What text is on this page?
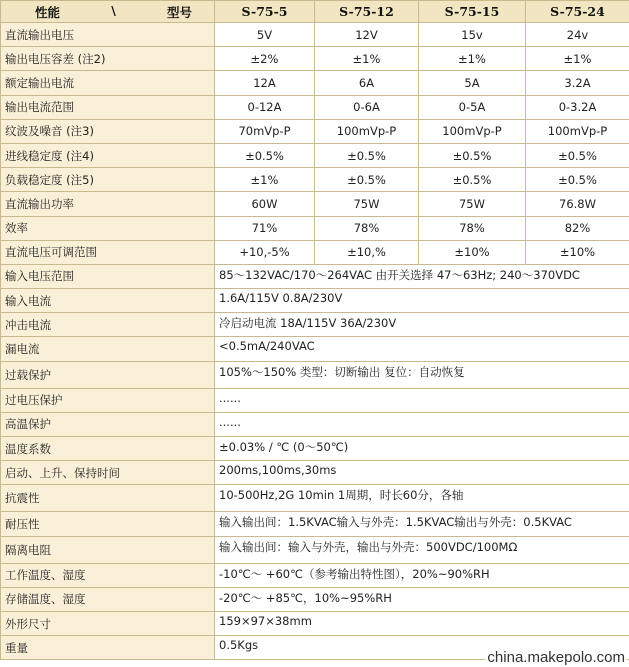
性能 \ 型号	S-75-5	S-75-12	S-75-15	S-75-24
直流输出电压	5V	12V	15v	24v
输出电压容差 (注2)	±2%	±1%	±1%	±1%
额定输出电流	12A	6A	5A	3.2A
输出电流范围	0-12A	0-6A	0-5A	0-3.2A
纹波及噪音 (注3)	70mVp-P	100mVp-P	100mVp-P	100mVp-P
进线稳定度 (注4)	±0.5%	±0.5%	±0.5%	±0.5%
负载稳定度 (注5)	±1%	±0.5%	±0.5%	±0.5%
直流输出功率	60W	75W	75W	76.8W
效率	71%	78%	78%	82%
直流电压可调范围	+10,-5%	±10,%	±10%	±10%
输入电压范围	85～132VAC/170～264VAC 由开关选择 47～63Hz; 240～370VDC			
输入电流	1.6A/115V 0.8A/230V			
冲击电流	冷启动电流 18A/115V 36A/230V			
漏电流	<0.5mA/240VAC			
过载保护	105%～150% 类型：切断输出 复位：自动恢复			
过电压保护	......			
高温保护	......			
温度系数	±0.03% / ℃ (0～50℃)			
启动、上升、保持时间	200ms,100ms,30ms			
抗震性	10-500Hz,2G 10min 1周期，时长60分，各轴			
耐压性	输入输出间：1.5KVAC输入与外壳：1.5KVAC输出与外壳：0.5KVAC			
隔离电阻	输入输出间：输入与外壳，输出与外壳：500VDC/100MΩ			
工作温度、湿度	-10℃～ +60℃（参考输出特性图），20%~90%RH			
存储温度、湿度	-20℃～ +85℃，10%~95%RH			
外形尺寸	159×97×38mm			
重量	0.5Kgs			
china.makepolo.com
